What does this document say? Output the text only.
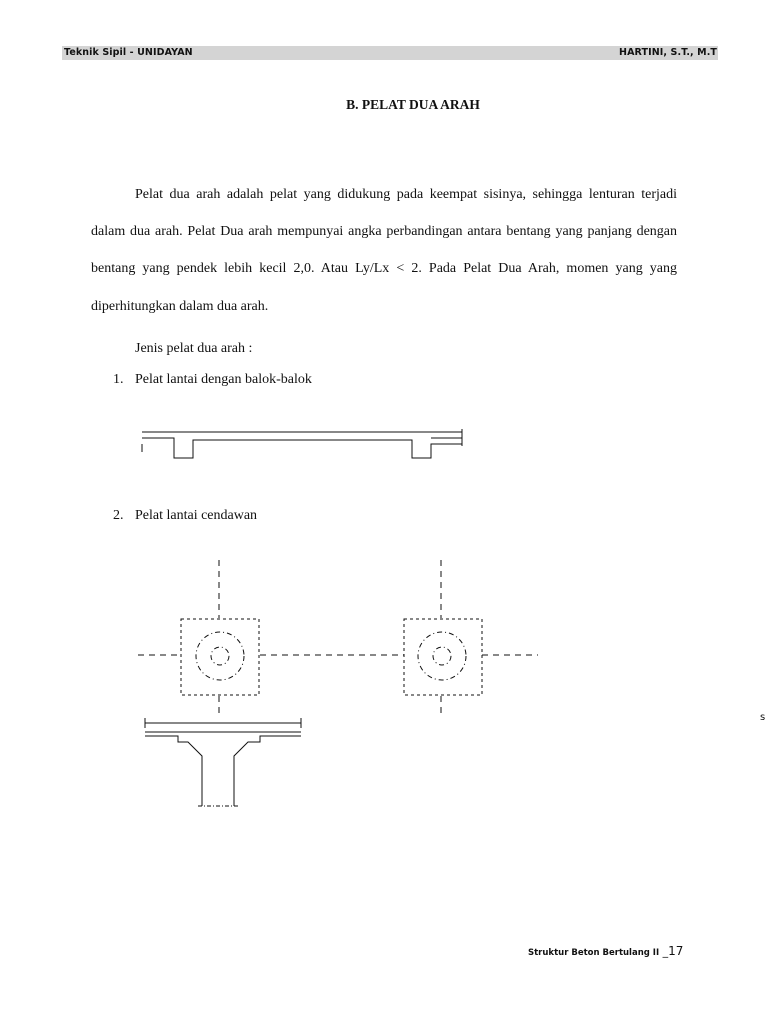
Teknik Sipil - UNIDAYAN	HARTINI, S.T., M.T
B. PELAT DUA ARAH

Pelat dua arah adalah pelat yang didukung pada keempat sisinya, sehingga lenturan terjadi dalam dua arah. Pelat Dua arah mempunyai angka perbandingan antara bentang yang panjang dengan bentang yang pendek lebih kecil 2,0. Atau Ly/Lx < 2. Pada Pelat Dua Arah, momen yang yang diperhitungkan dalam dua arah.

Jenis pelat dua arah :
1. Pelat lantai dengan balok-balok
2. Pelat lantai cendawan
s
Struktur Beton Bertulang II _17
